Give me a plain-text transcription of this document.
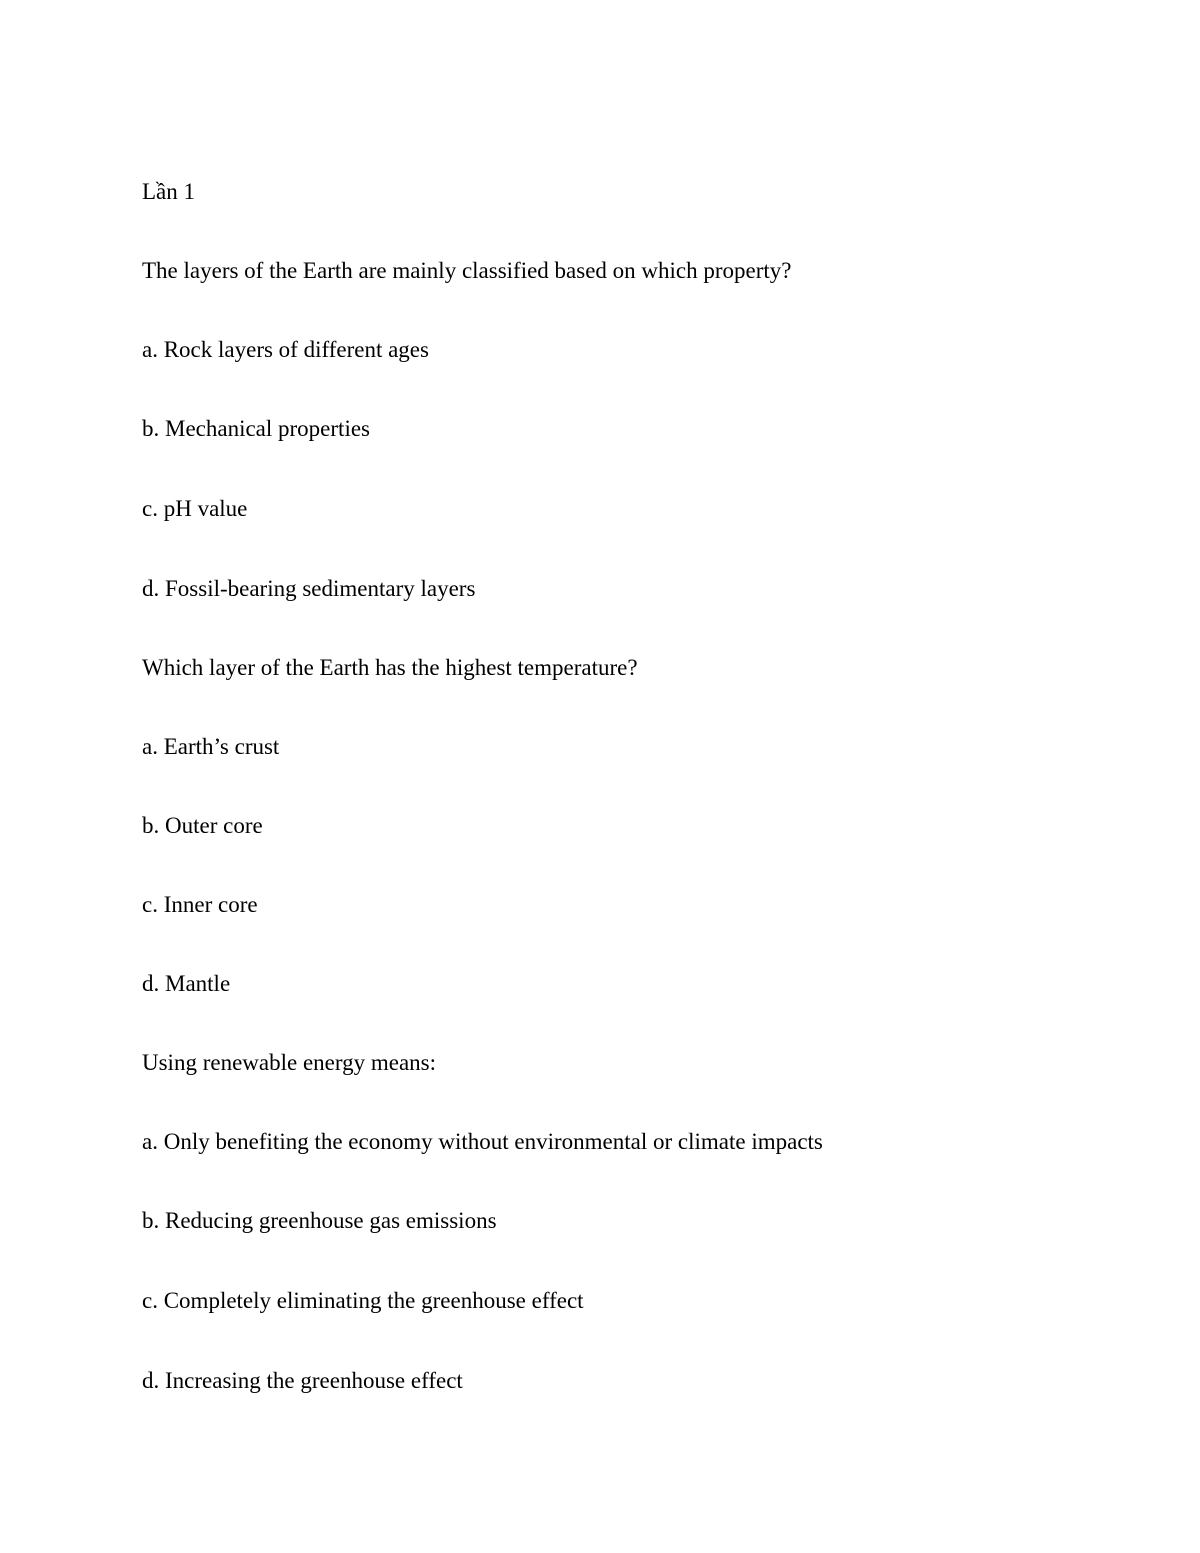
Lần 1
The layers of the Earth are mainly classified based on which property?
a. Rock layers of different ages
b. Mechanical properties
c. pH value
d. Fossil-bearing sedimentary layers
Which layer of the Earth has the highest temperature?
a. Earth’s crust
b. Outer core
c. Inner core
d. Mantle
Using renewable energy means:
a. Only benefiting the economy without environmental or climate impacts
b. Reducing greenhouse gas emissions
c. Completely eliminating the greenhouse effect
d. Increasing the greenhouse effect
